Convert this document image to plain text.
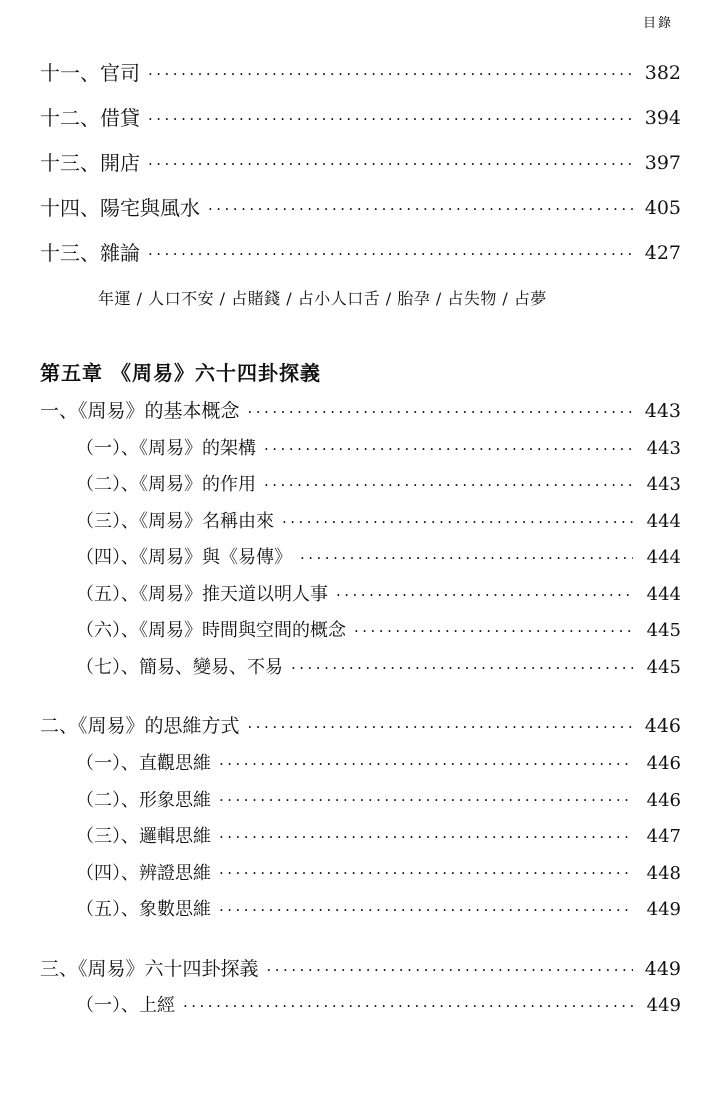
目錄
十一、官司 ·····	382
十二、借貸 ·····	394
十三、開店 ·····	397
十四、陽宅與風水 ·····	405
十三、雜論 ·····	427
年運 / 人口不安 / 占賭錢 / 占小人口舌 / 胎孕 / 占失物 / 占夢
第五章 《周易》六十四卦探義
一、《周易》的基本概念 ·····	443
（一）、《周易》的架構 ·····	443
（二）、《周易》的作用 ·····	443
（三）、《周易》名稱由來 ·····	444
（四）、《周易》與《易傳》 ·····	444
（五）、《周易》推天道以明人事 ·····	444
（六）、《周易》時間與空間的概念 ·····	445
（七）、簡易、變易、不易 ·····	445
二、《周易》的思維方式 ·····	446
（一）、直觀思維 ·····	446
（二）、形象思維 ·····	446
（三）、邏輯思維 ·····	447
（四）、辨證思維 ·····	448
（五）、象數思維 ·····	449
三、《周易》六十四卦探義 ·····	449
（一）、上經 ·····	449
